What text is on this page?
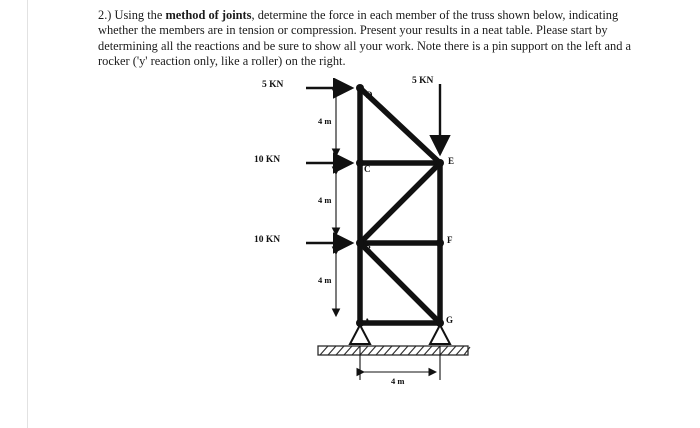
2.) Using the method of joints, determine the force in each member of the truss shown below, indicating whether the members are in tension or compression. Present your results in a neat table. Please start by determining all the reactions and be sure to show all your work. Note there is a pin support on the left and a rocker ('y' reaction only, like a roller) on the right.
5 KN	5 KN
10 KN
10 KN
4 m
4 m
4 m
4 m
A
B
C
D
E
F
G
